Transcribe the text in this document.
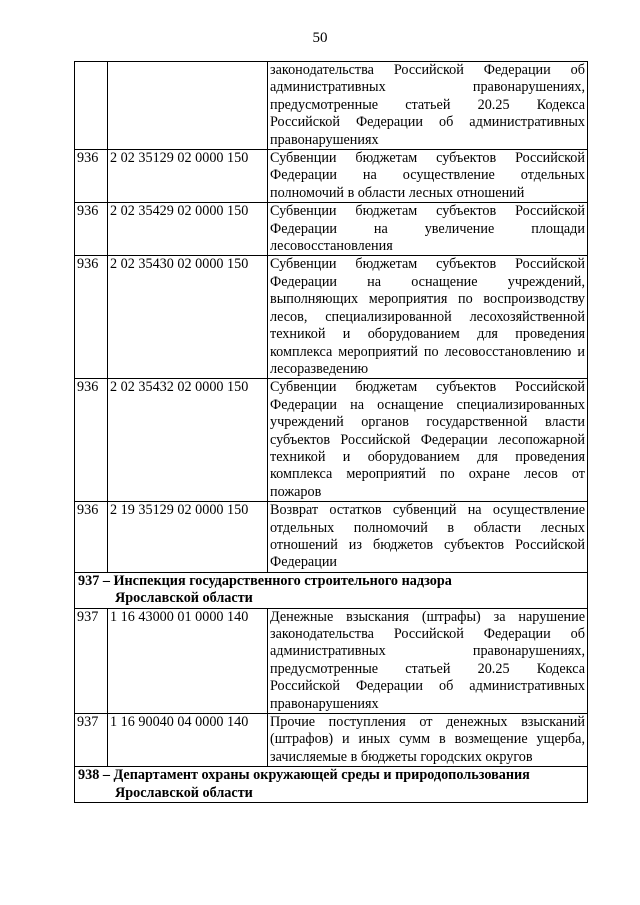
50
		законодательства Российской Федерации об административных правонарушениях, предусмотренные статьей 20.25 Кодекса Российской Федерации об административных правонарушениях
936	2 02 35129 02 0000 150	Субвенции бюджетам субъектов Российской Федерации на осуществление отдельных полномочий в области лесных отношений
936	2 02 35429 02 0000 150	Субвенции бюджетам субъектов Российской Федерации на увеличение площади лесовосстановления
936	2 02 35430 02 0000 150	Субвенции бюджетам субъектов Российской Федерации на оснащение учреждений, выполняющих мероприятия по воспроизводству лесов, специализированной лесохозяйственной техникой и оборудованием для проведения комплекса мероприятий по лесовосстановлению и лесоразведению
936	2 02 35432 02 0000 150	Субвенции бюджетам субъектов Российской Федерации на оснащение специализированных учреждений органов государственной власти субъектов Российской Федерации лесопожарной техникой и оборудованием для проведения комплекса мероприятий по охране лесов от пожаров
936	2 19 35129 02 0000 150	Возврат остатков субвенций на осуществление отдельных полномочий в области лесных отношений из бюджетов субъектов Российской Федерации
937 – Инспекция государственного строительного надзора
Ярославской области		

937	1 16 43000 01 0000 140	Денежные взыскания (штрафы) за нарушение законодательства Российской Федерации об административных правонарушениях, предусмотренные статьей 20.25 Кодекса Российской Федерации об административных правонарушениях
937	1 16 90040 04 0000 140	Прочие поступления от денежных взысканий (штрафов) и иных сумм в возмещение ущерба, зачисляемые в бюджеты городских округов
938 – Департамент охраны окружающей среды и природопользования
Ярославской области		
